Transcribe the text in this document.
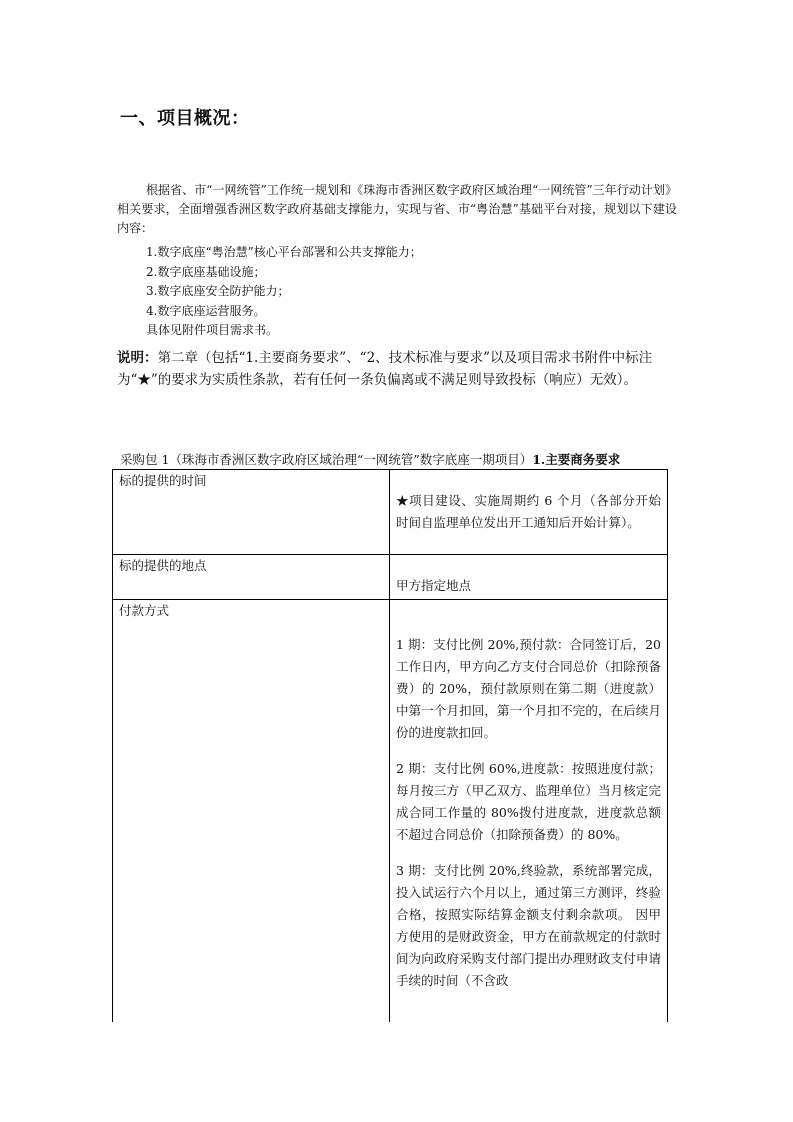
一、项目概况：
根据省、市“一网统管”工作统一规划和《珠海市香洲区数字政府区域治理“一网统管”三年行动计划》相关要求，全面增强香洲区数字政府基础支撑能力，实现与省、市“粤治慧”基础平台对接，规划以下建设内容：
1.数字底座“粤治慧”核心平台部署和公共支撑能力；
2.数字底座基础设施；
3.数字底座安全防护能力；
4.数字底座运营服务。
具体见附件项目需求书。
说明：第二章（包括“1.主要商务要求”、“2、技术标准与要求”以及项目需求书附件中标注为“★”的要求为实质性条款，若有任何一条负偏离或不满足则导致投标（响应）无效）。
采购包 1（珠海市香洲区数字政府区域治理“一网统管”数字底座一期项目）1.主要商务要求
标的提供的时间	★项目建设、实施周期约 6 个月（各部分开始时间自监理单位发出开工通知后开始计算）。

标的提供的地点	甲方指定地点

付款方式	1 期：支付比例 20%,预付款：合同签订后，20 工作日内，甲方向乙方支付合同总价（扣除预备费）的 20%，预付款原则在第二期（进度款）中第一个月扣回，第一个月扣不完的，在后续月份的进度款扣回。

2 期：支付比例 60%,进度款：按照进度付款；每月按三方（甲乙双方、监理单位）当月核定完成合同工作量的 80%拨付进度款，进度款总额不超过合同总价（扣除预备费）的 80%。

3 期：支付比例 20%,终验款，系统部署完成，投入试运行六个月以上，通过第三方测评，终验合格，按照实际结算金额支付剩余款项。 因甲方使用的是财政资金，甲方在前款规定的付款时间为向政府采购支付部门提出办理财政支付申请手续的时间（不含政
